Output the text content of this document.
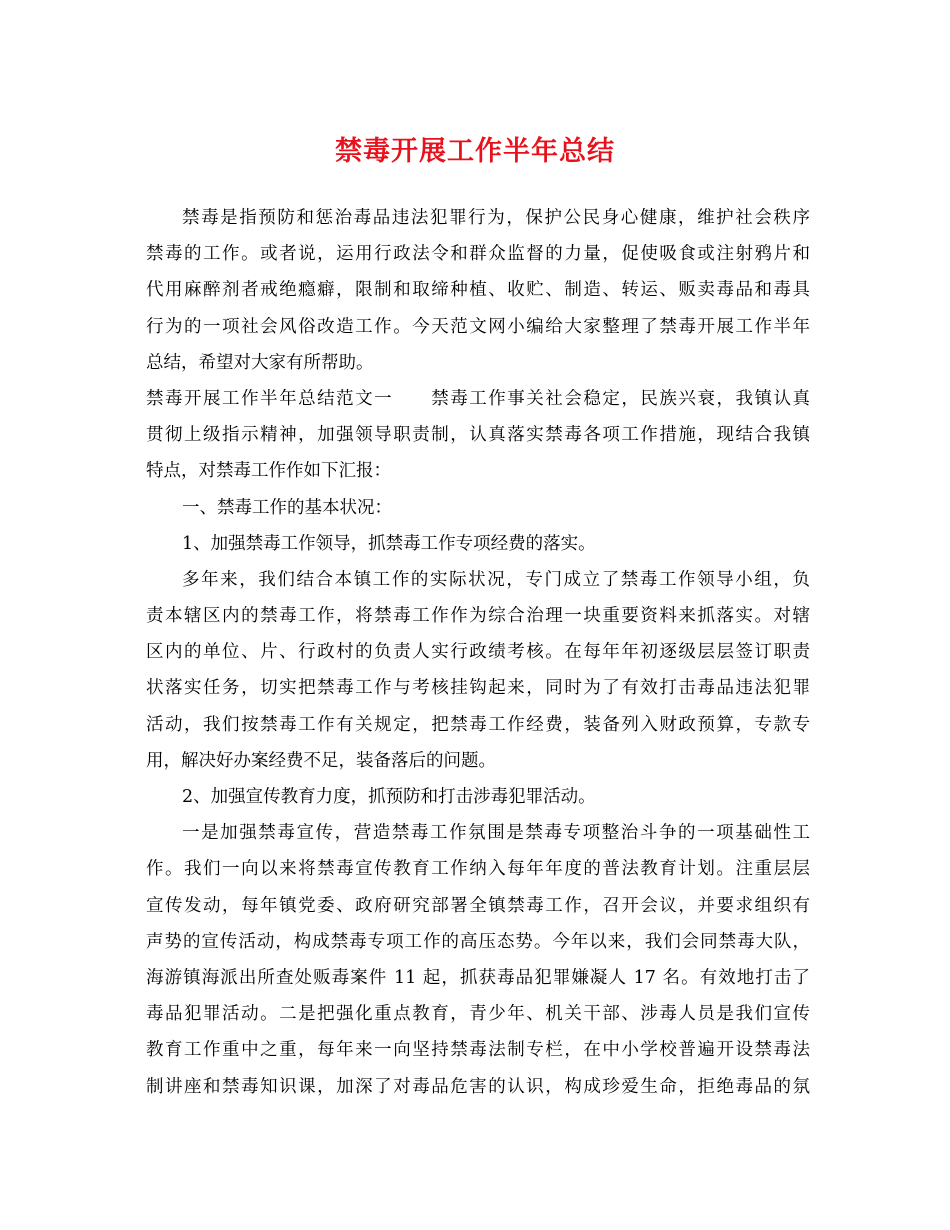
禁毒开展工作半年总结
禁毒是指预防和惩治毒品违法犯罪行为，保护公民身心健康，维护社会秩序
禁毒的工作。或者说，运用行政法令和群众监督的力量，促使吸食或注射鸦片和
代用麻醉剂者戒绝瘾癖，限制和取缔种植、收贮、制造、转运、贩卖毒品和毒具
行为的一项社会风俗改造工作。今天范文网小编给大家整理了禁毒开展工作半年
总结，希望对大家有所帮助。
禁毒开展工作半年总结范文一　　禁毒工作事关社会稳定，民族兴衰，我镇认真
贯彻上级指示精神，加强领导职责制，认真落实禁毒各项工作措施，现结合我镇
特点，对禁毒工作作如下汇报：
一、禁毒工作的基本状况：
1、加强禁毒工作领导，抓禁毒工作专项经费的落实。
多年来，我们结合本镇工作的实际状况，专门成立了禁毒工作领导小组，负
责本辖区内的禁毒工作，将禁毒工作作为综合治理一块重要资料来抓落实。对辖
区内的单位、片、行政村的负责人实行政绩考核。在每年年初逐级层层签订职责
状落实任务，切实把禁毒工作与考核挂钩起来，同时为了有效打击毒品违法犯罪
活动，我们按禁毒工作有关规定，把禁毒工作经费，装备列入财政预算，专款专
用，解决好办案经费不足，装备落后的问题。
2、加强宣传教育力度，抓预防和打击涉毒犯罪活动。
一是加强禁毒宣传，营造禁毒工作氛围是禁毒专项整治斗争的一项基础性工
作。我们一向以来将禁毒宣传教育工作纳入每年年度的普法教育计划。注重层层
宣传发动，每年镇党委、政府研究部署全镇禁毒工作，召开会议，并要求组织有
声势的宣传活动，构成禁毒专项工作的高压态势。今年以来，我们会同禁毒大队，
海游镇海派出所查处贩毒案件 11 起，抓获毒品犯罪嫌凝人 17 名。有效地打击了
毒品犯罪活动。二是把强化重点教育，青少年、机关干部、涉毒人员是我们宣传
教育工作重中之重，每年来一向坚持禁毒法制专栏，在中小学校普遍开设禁毒法
制讲座和禁毒知识课，加深了对毒品危害的认识，构成珍爱生命，拒绝毒品的氛
